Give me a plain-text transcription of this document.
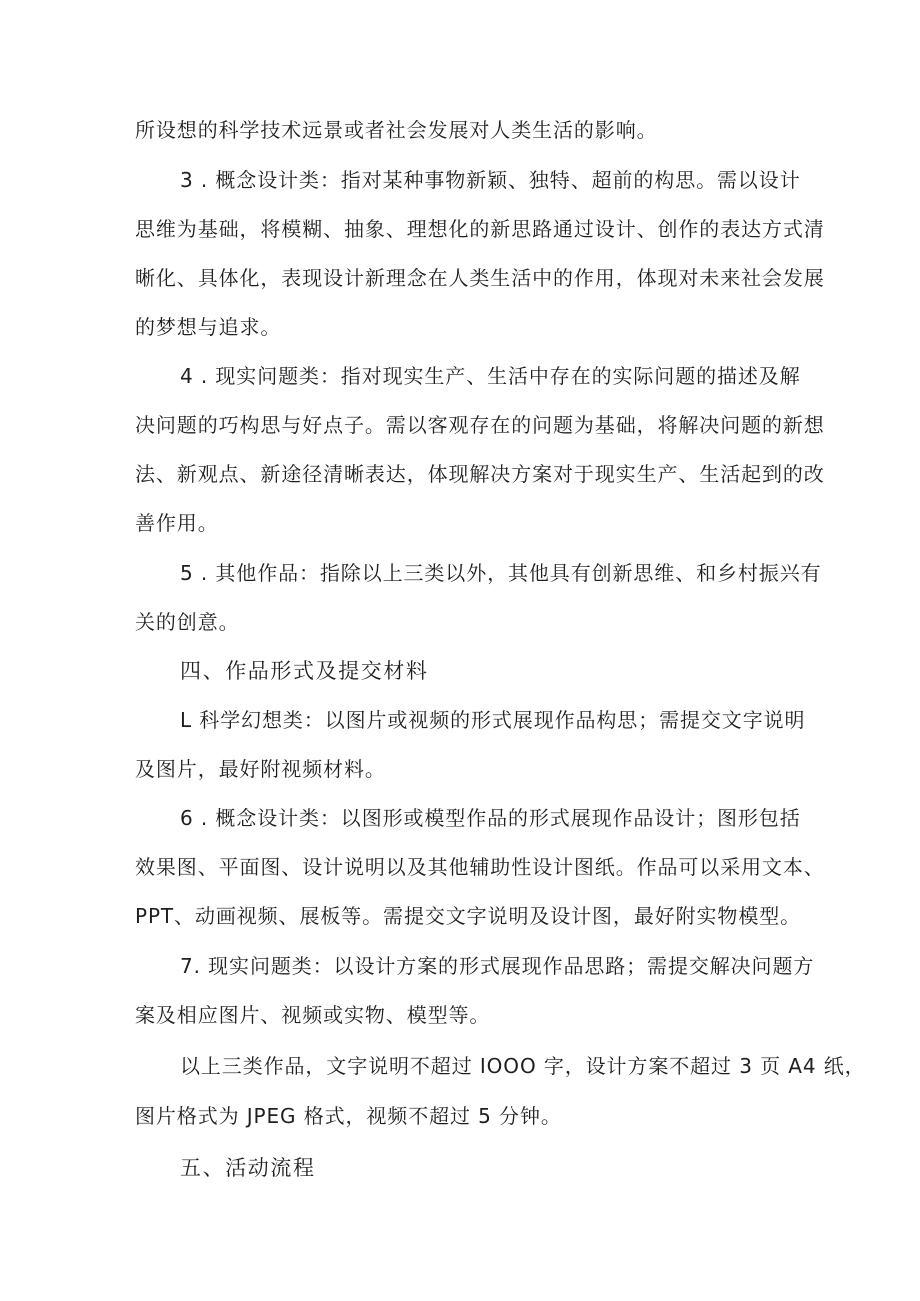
所设想的科学技术远景或者社会发展对人类生活的影响。
3 . 概念设计类：指对某种事物新颖、独特、超前的构思。需以设计
思维为基础，将模糊、抽象、理想化的新思路通过设计、创作的表达方式清
晰化、具体化，表现设计新理念在人类生活中的作用，体现对未来社会发展
的梦想与追求。
4 . 现实问题类：指对现实生产、生活中存在的实际问题的描述及解
决问题的巧构思与好点子。需以客观存在的问题为基础，将解决问题的新想
法、新观点、新途径清晰表达，体现解决方案对于现实生产、生活起到的改
善作用。
5 . 其他作品：指除以上三类以外，其他具有创新思维、和乡村振兴有
关的创意。
四、作品形式及提交材料
L 科学幻想类：以图片或视频的形式展现作品构思；需提交文字说明
及图片，最好附视频材料。
6 . 概念设计类：以图形或模型作品的形式展现作品设计；图形包括
效果图、平面图、设计说明以及其他辅助性设计图纸。作品可以采用文本、
PPT、动画视频、展板等。需提交文字说明及设计图，最好附实物模型。
7. 现实问题类：以设计方案的形式展现作品思路；需提交解决问题方
案及相应图片、视频或实物、模型等。
以上三类作品，文字说明不超过 IOOO 字，设计方案不超过 3 页 A4 纸，
图片格式为 JPEG 格式，视频不超过 5 分钟。
五、活动流程
